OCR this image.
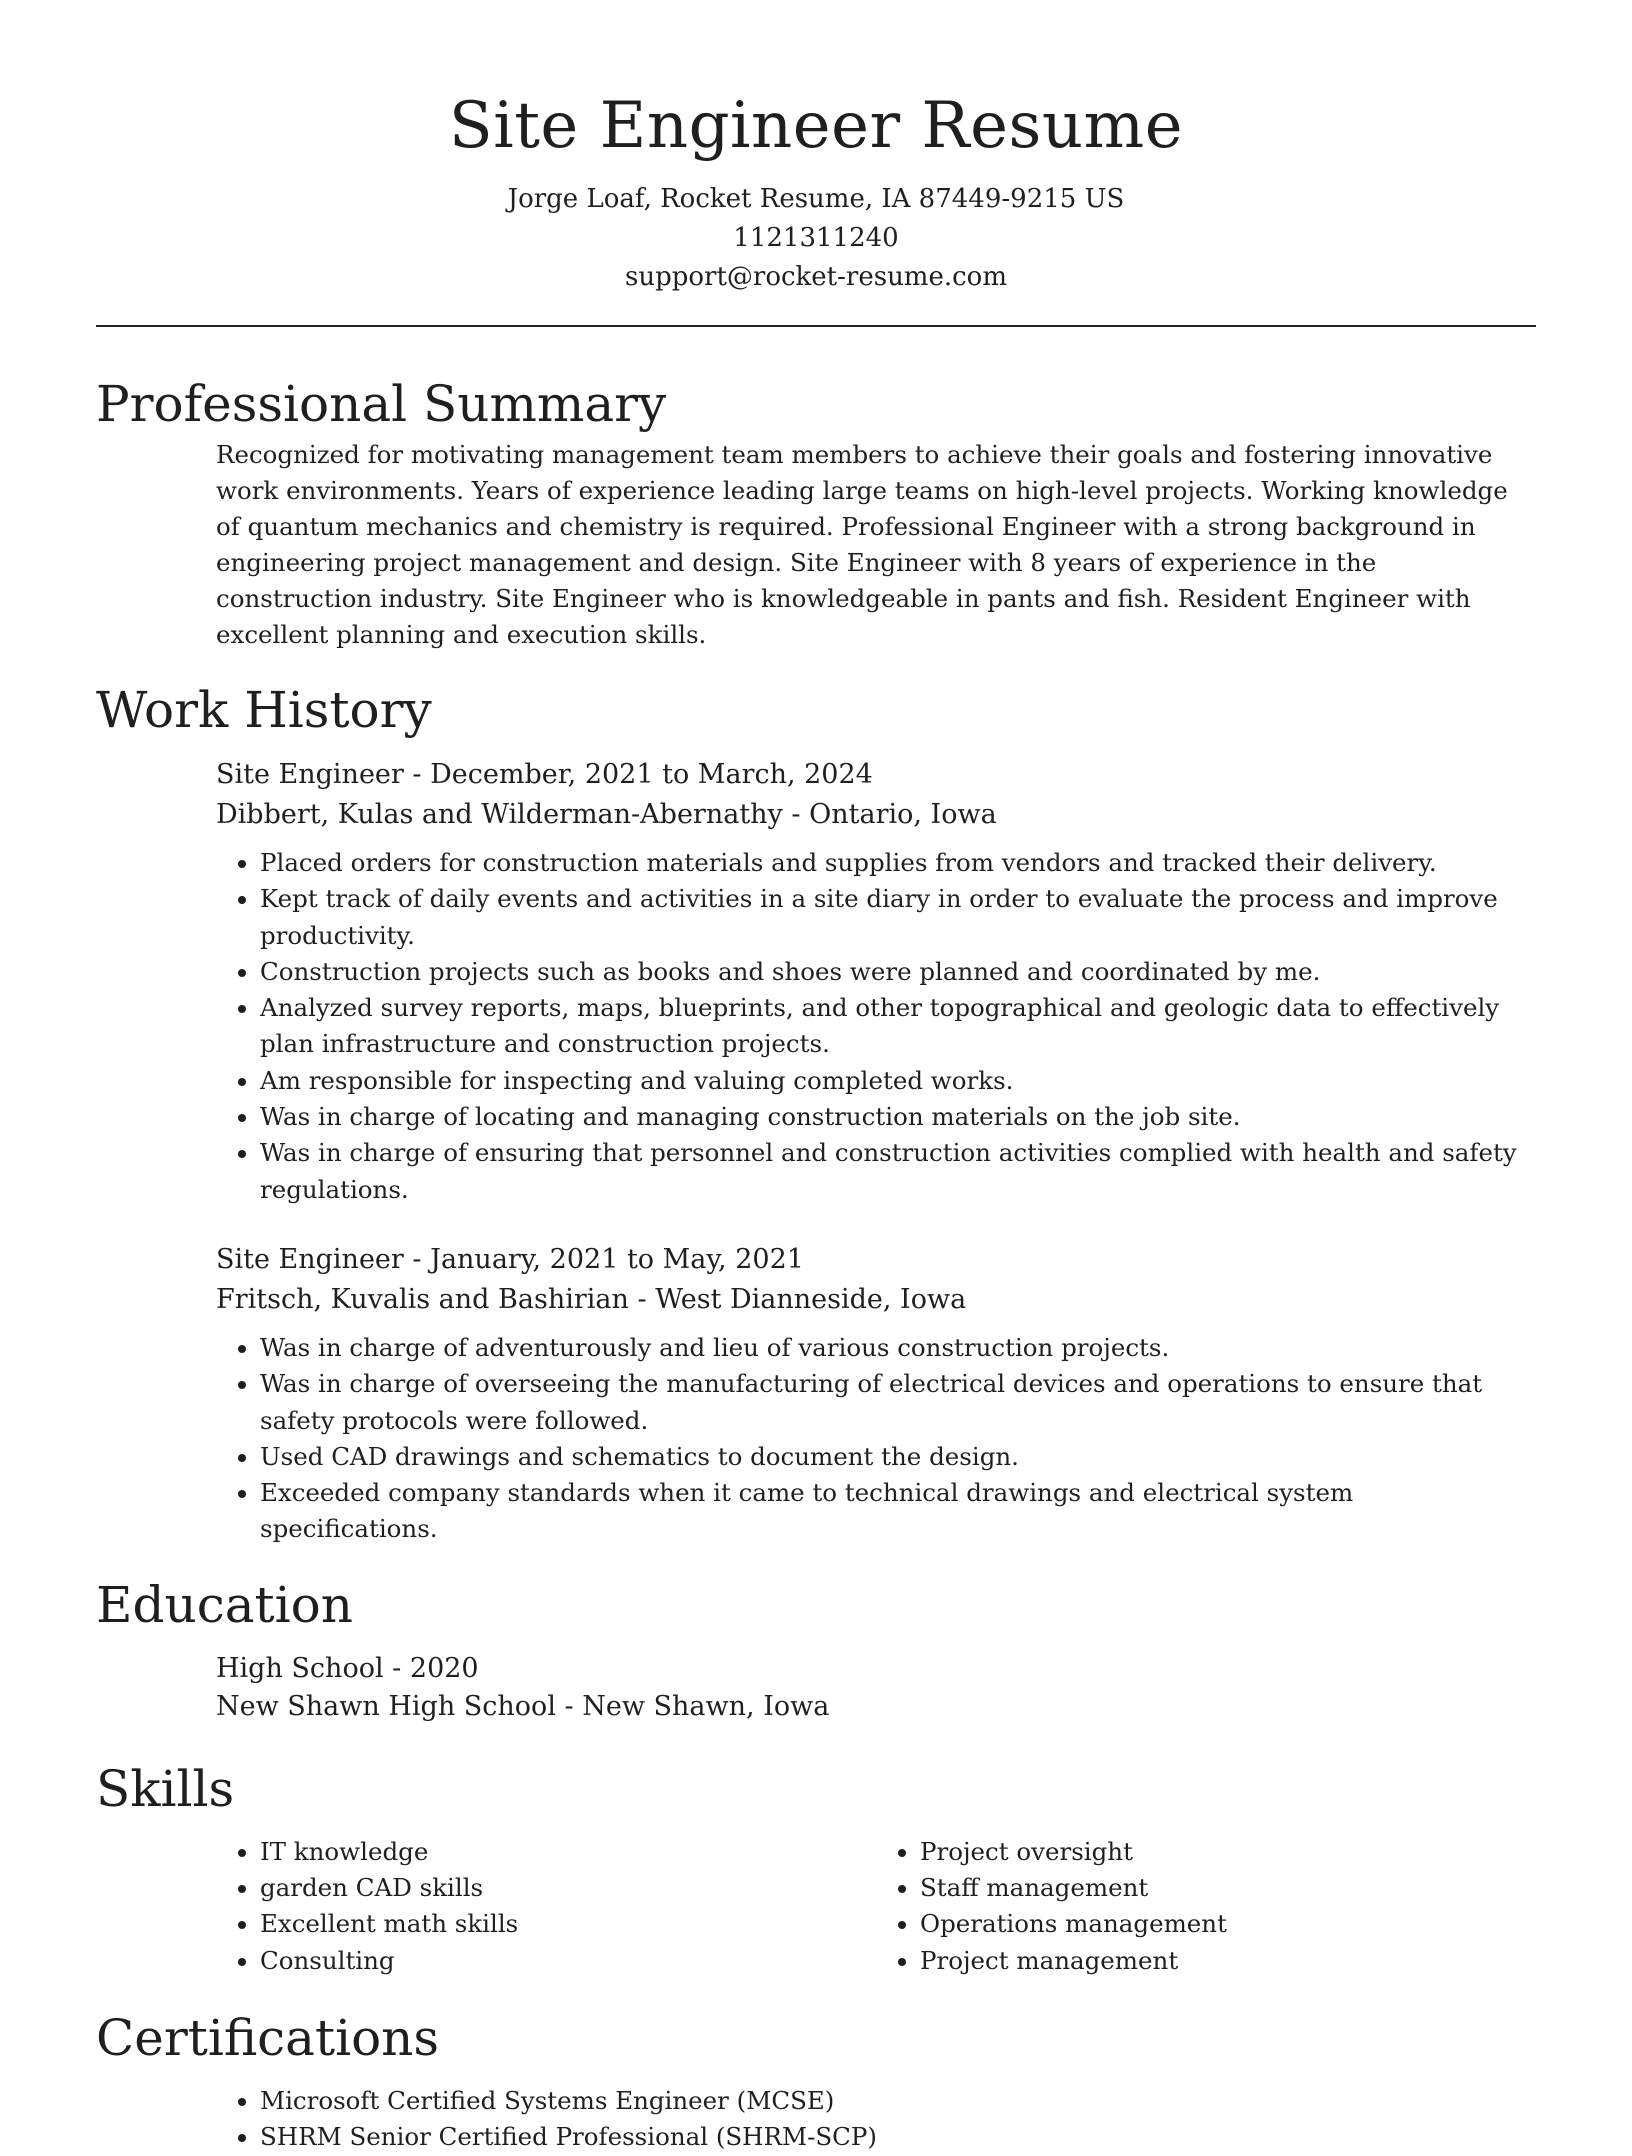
Site Engineer Resume

Jorge Loaf, Rocket Resume, IA 87449-9215 US

1121311240

support@rocket-resume.com

Professional Summary

Recognized for motivating management team members to achieve their goals and fostering innovative work environments. Years of experience leading large teams on high-level projects. Working knowledge of quantum mechanics and chemistry is required. Professional Engineer with a strong background in engineering project management and design. Site Engineer with 8 years of experience in the construction industry. Site Engineer who is knowledgeable in pants and fish. Resident Engineer with excellent planning and execution skills.

Work History

Site Engineer - December, 2021 to March, 2024

Dibbert, Kulas and Wilderman-Abernathy - Ontario, Iowa

• Placed orders for construction materials and supplies from vendors and tracked their delivery.
• Kept track of daily events and activities in a site diary in order to evaluate the process and improve productivity.
• Construction projects such as books and shoes were planned and coordinated by me.
• Analyzed survey reports, maps, blueprints, and other topographical and geologic data to effectively plan infrastructure and construction projects.
• Am responsible for inspecting and valuing completed works.
• Was in charge of locating and managing construction materials on the job site.
• Was in charge of ensuring that personnel and construction activities complied with health and safety regulations.

Site Engineer - January, 2021 to May, 2021

Fritsch, Kuvalis and Bashirian - West Dianneside, Iowa

• Was in charge of adventurously and lieu of various construction projects.
• Was in charge of overseeing the manufacturing of electrical devices and operations to ensure that safety protocols were followed.
• Used CAD drawings and schematics to document the design.
• Exceeded company standards when it came to technical drawings and electrical system specifications.
Education

High School - 2020

New Shawn High School - New Shawn, Iowa

Skills
• IT knowledge
• garden CAD skills
• Excellent math skills
• Consulting
• Project oversight
• Staff management
• Operations management
• Project management
Certifications
• Microsoft Certified Systems Engineer (MCSE)
• SHRM Senior Certified Professional (SHRM-SCP)
